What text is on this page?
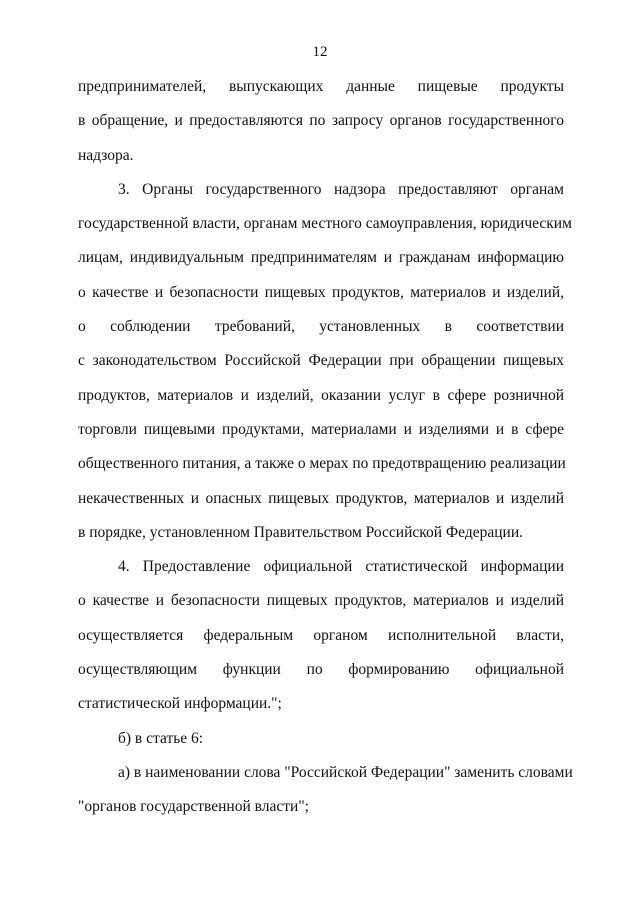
12
предпринимателей, выпускающих данные пищевые продукты
в обращение, и предоставляются по запросу органов государственного
надзора.
3. Органы государственного надзора предоставляют органам
государственной власти, органам местного самоуправления, юридическим
лицам, индивидуальным предпринимателям и гражданам информацию
о качестве и безопасности пищевых продуктов, материалов и изделий,
о соблюдении требований, установленных в соответствии
с законодательством Российской Федерации при обращении пищевых
продуктов, материалов и изделий, оказании услуг в сфере розничной
торговли пищевыми продуктами, материалами и изделиями и в сфере
общественного питания, а также о мерах по предотвращению реализации
некачественных и опасных пищевых продуктов, материалов и изделий
в порядке, установленном Правительством Российской Федерации.
4. Предоставление официальной статистической информации
о качестве и безопасности пищевых продуктов, материалов и изделий
осуществляется федеральным органом исполнительной власти,
осуществляющим функции по формированию официальной
статистической информации.";
б) в статье 6:
а) в наименовании слова "Российской Федерации" заменить словами
"органов государственной власти";
